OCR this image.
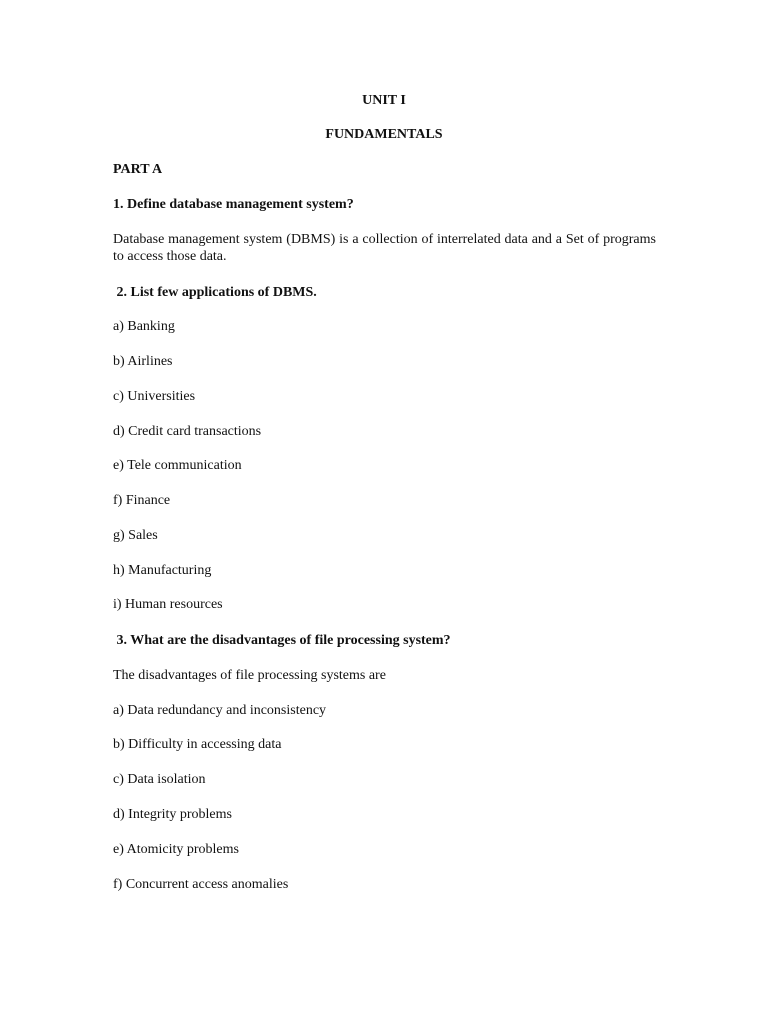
UNIT I
FUNDAMENTALS
PART A
1. Define database management system?
Database management system (DBMS) is a collection of interrelated data and a Set of programs to access those data.
2. List few applications of DBMS.
a) Banking
b) Airlines
c) Universities
d) Credit card transactions
e) Tele communication
f) Finance
g) Sales
h) Manufacturing
i) Human resources
3. What are the disadvantages of file processing system?
The disadvantages of file processing systems are
a) Data redundancy and inconsistency
b) Difficulty in accessing data
c) Data isolation
d) Integrity problems
e) Atomicity problems
f) Concurrent access anomalies
